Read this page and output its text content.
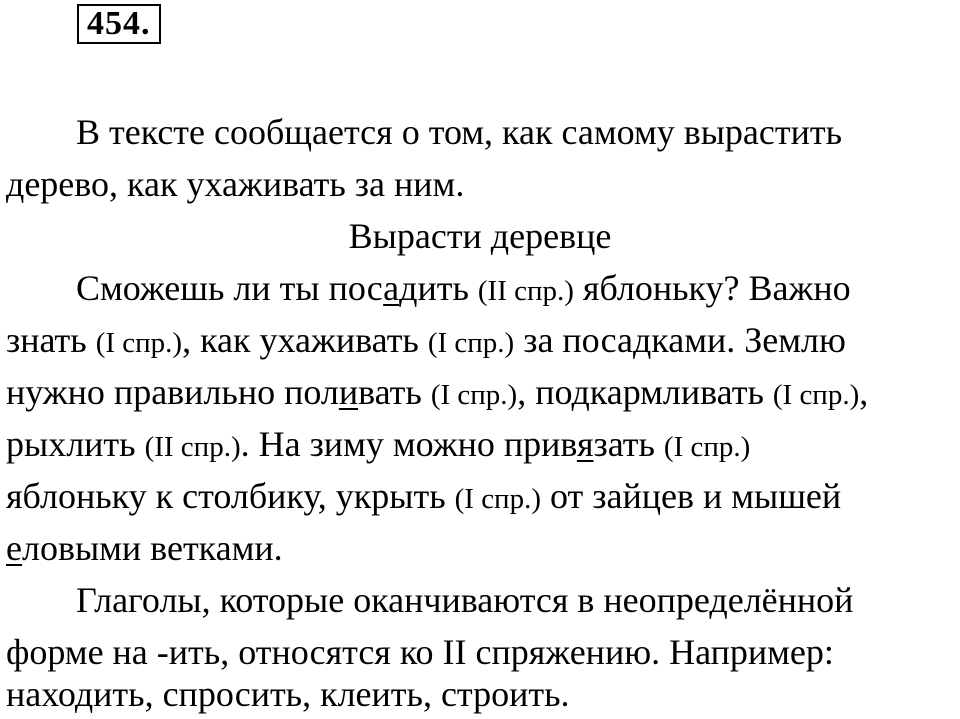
454.
В тексте сообщается о том, как самому вырастить
дерево, как ухаживать за ним.
Вырасти деревце
Сможешь ли ты посадить (II спр.) яблоньку? Важно
знать (I спр.), как ухаживать (I спр.) за посадками. Землю
нужно правильно поливать (I спр.), подкармливать (I спр.),
рыхлить (II спр.). На зиму можно привязать (I спр.)
яблоньку к столбику, укрыть (I спр.) от зайцев и мышей
еловыми ветками.
Глаголы, которые оканчиваются в неопределённой
форме на -ить, относятся ко II спряжению. Например:
находить, спросить, клеить, строить.
